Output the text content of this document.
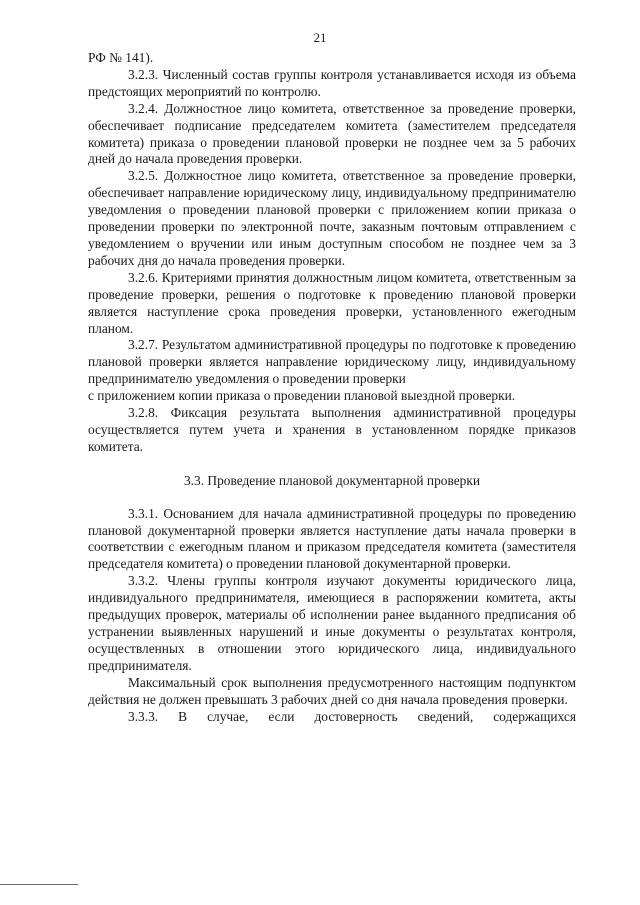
21

РФ № 141).

3.2.3. Численный состав группы контроля устанавливается исходя из объема предстоящих мероприятий по контролю.

3.2.4. Должностное лицо комитета, ответственное за проведение проверки, обеспечивает подписание председателем комитета (заместителем председателя комитета) приказа о проведении плановой проверки не позднее чем за 5 рабочих дней до начала проведения проверки.

3.2.5. Должностное лицо комитета, ответственное за проведение проверки, обеспечивает направление юридическому лицу, индивидуальному предпринимателю уведомления о проведении плановой проверки с приложением копии приказа о проведении проверки по электронной почте, заказным почтовым отправлением с уведомлением о вручении или иным доступным способом не позднее чем за 3 рабочих дня до начала проведения проверки.

3.2.6. Критериями принятия должностным лицом комитета, ответственным за проведение проверки, решения о подготовке к проведению плановой проверки является наступление срока проведения проверки, установленного ежегодным планом.

3.2.7. Результатом административной процедуры по подготовке к проведению плановой проверки является направление юридическому лицу, индивидуальному предпринимателю уведомления о проведении проверки

с приложением копии приказа о проведении плановой выездной проверки.

3.2.8. Фиксация результата выполнения административной процедуры осуществляется путем учета и хранения в установленном порядке приказов комитета.

3.3. Проведение плановой документарной проверки

3.3.1. Основанием для начала административной процедуры по проведению плановой документарной проверки является наступление даты начала проверки в соответствии с ежегодным планом и приказом председателя комитета (заместителя председателя комитета) о проведении плановой документарной проверки.

3.3.2. Члены группы контроля изучают документы юридического лица, индивидуального предпринимателя, имеющиеся в распоряжении комитета, акты предыдущих проверок, материалы об исполнении ранее выданного предписания об устранении выявленных нарушений и иные документы о результатах контроля, осуществленных в отношении этого юридического лица, индивидуального предпринимателя.

Максимальный срок выполнения предусмотренного настоящим подпунктом действия не должен превышать 3 рабочих дней со дня начала проведения проверки.

3.3.3. В случае, если достоверность сведений, содержащихся
